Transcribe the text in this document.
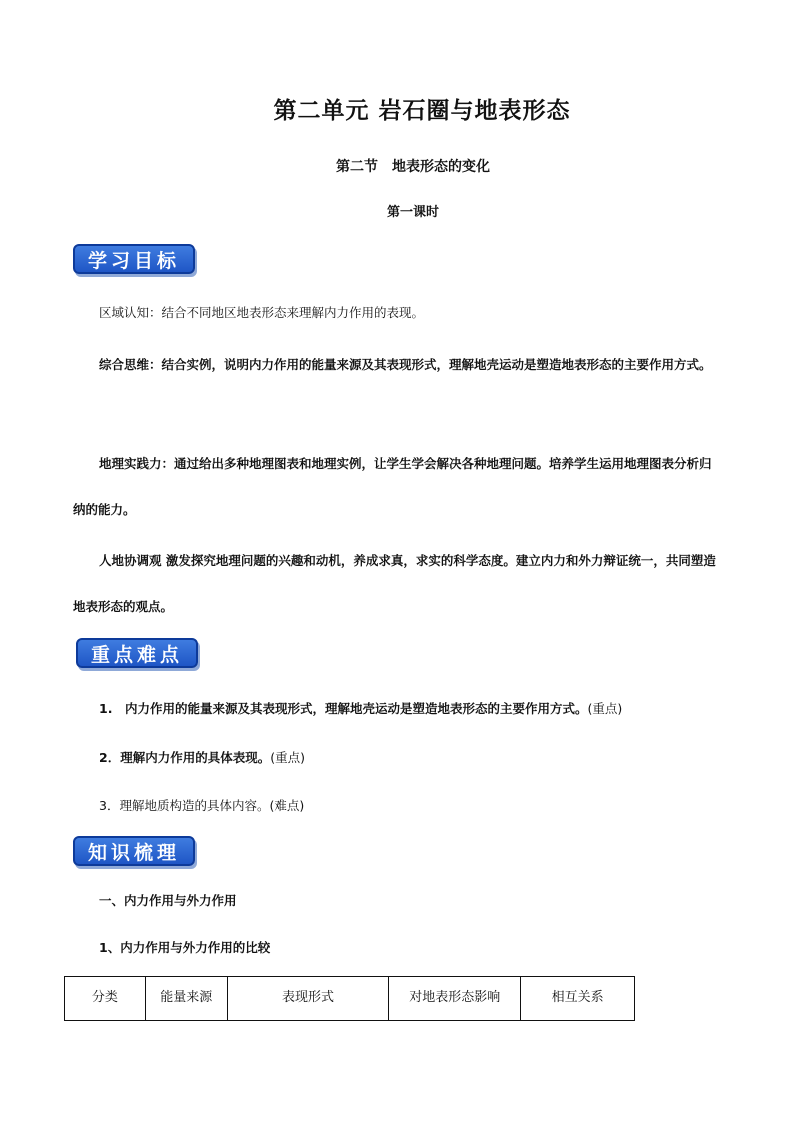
第二单元 岩石圈与地表形态
第二节　地表形态的变化
第一课时
学习目标

区域认知：结合不同地区地表形态来理解内力作用的表现。

综合思维：结合实例，说明内力作用的能量来源及其表现形式，理解地壳运动是塑造地表形态的主要作用方式。

地理实践力：通过给出多种地理图表和地理实例，让学生学会解决各种地理问题。培养学生运用地理图表分析归纳的能力。

人地协调观 激发探究地理问题的兴趣和动机，养成求真，求实的科学态度。建立内力和外力辩证统一，共同塑造地表形态的观点。

重点难点

1.　内力作用的能量来源及其表现形式，理解地壳运动是塑造地表形态的主要作用方式。(重点)

2．理解内力作用的具体表现。(重点)

3．理解地质构造的具体内容。(难点)

知识梳理

一、内力作用与外力作用

1、内力作用与外力作用的比较

分类	能量来源	表现形式	对地表形态影响	相互关系
